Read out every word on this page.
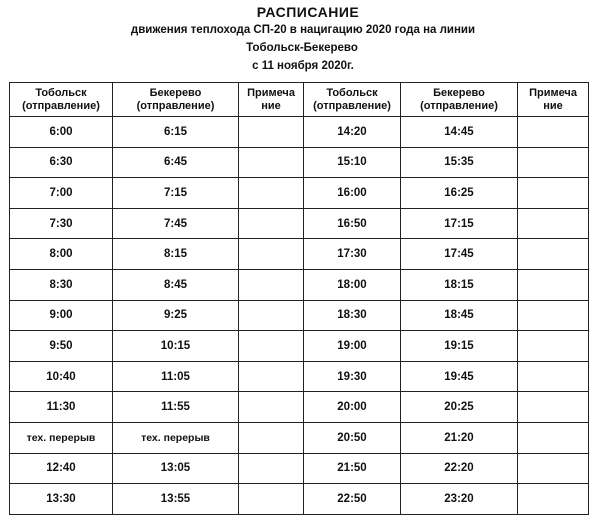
РАСПИСАНИЕ
движения теплохода СП-20 в нацигацию 2020 года на линии
Тобольск-Бекерево
с 11 ноября 2020г.
Тобольск (отправление)	Бекерево (отправление)	Примеча ние	Тобольск (отправление)	Бекерево (отправление)	Примеча ние
6:00	6:15		14:20	14:45	
6:30	6:45		15:10	15:35	
7:00	7:15		16:00	16:25	
7:30	7:45		16:50	17:15	
8:00	8:15		17:30	17:45	
8:30	8:45		18:00	18:15	
9:00	9:25		18:30	18:45	
9:50	10:15		19:00	19:15	
10:40	11:05		19:30	19:45	
11:30	11:55		20:00	20:25	
тех. перерыв	тех. перерыв		20:50	21:20	
12:40	13:05		21:50	22:20	
13:30	13:55		22:50	23:20	
